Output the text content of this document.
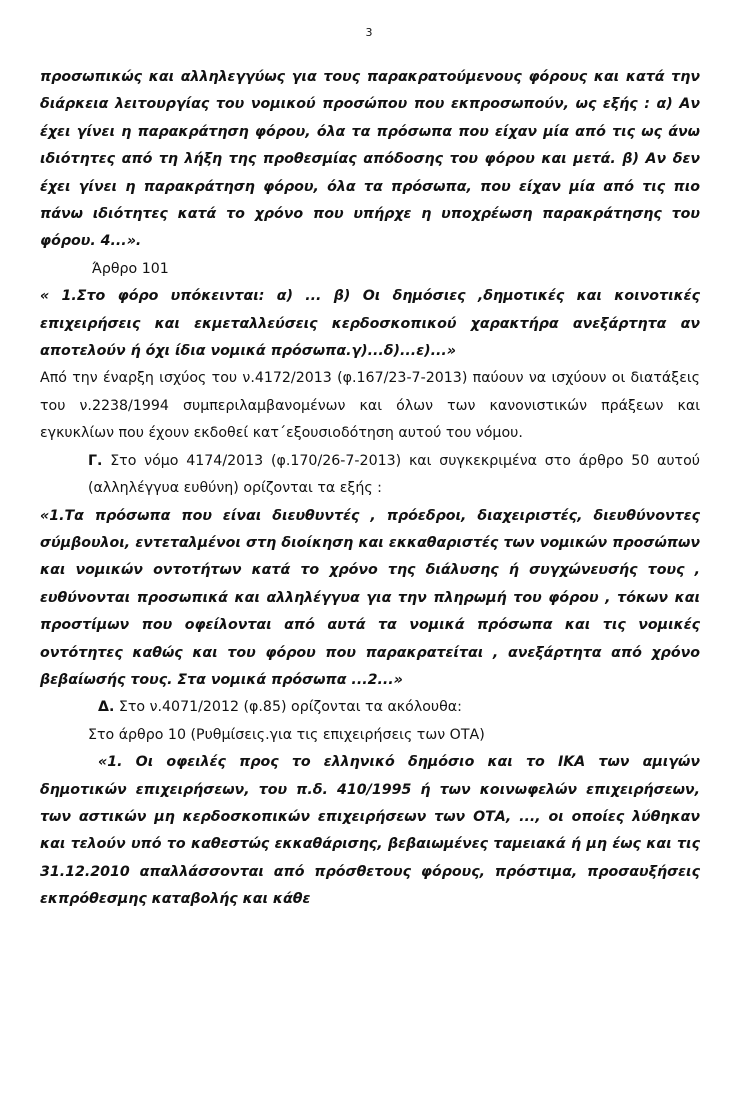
3

προσωπικώς και αλληλεγγύως για τους παρακρατούμενους φόρους και κατά την διάρκεια λειτουργίας του νομικού προσώπου που εκπροσωπούν, ως εξής : α) Αν έχει γίνει η παρακράτηση φόρου, όλα τα πρόσωπα που είχαν μία από τις ως άνω ιδιότητες από τη λήξη της προθεσμίας απόδοσης του φόρου και μετά. β) Αν δεν έχει γίνει η παρακράτηση φόρου, όλα τα πρόσωπα, που είχαν μία από τις πιο πάνω ιδιότητες κατά το χρόνο που υπήρχε η υποχρέωση παρακράτησης του φόρου. 4...».

Άρθρο 101

« 1.Στο φόρο υπόκεινται: α) ... β) Οι δημόσιες ,δημοτικές και κοινοτικές επιχειρήσεις και εκμεταλλεύσεις κερδοσκοπικού χαρακτήρα ανεξάρτητα αν αποτελούν ή όχι ίδια νομικά πρόσωπα.γ)...δ)...ε)...»

Από την έναρξη ισχύος του ν.4172/2013 (φ.167/23-7-2013) παύουν να ισχύουν οι διατάξεις του ν.2238/1994 συμπεριλαμβανομένων και όλων των κανονιστικών πράξεων και εγκυκλίων που έχουν εκδοθεί κατ΄εξουσιοδότηση αυτού του νόμου.

Γ. Στο νόμο 4174/2013 (φ.170/26-7-2013) και συγκεκριμένα στο άρθρο 50 αυτού (αλληλέγγυα ευθύνη) ορίζονται τα εξής :

«1.Τα πρόσωπα που είναι διευθυντές , πρόεδροι, διαχειριστές, διευθύνοντες σύμβουλοι, εντεταλμένοι στη διοίκηση και εκκαθαριστές των νομικών προσώπων και νομικών οντοτήτων κατά το χρόνο της διάλυσης ή συγχώνευσής τους , ευθύνονται προσωπικά και αλληλέγγυα για την πληρωμή του φόρου , τόκων και προστίμων που οφείλονται από αυτά τα νομικά πρόσωπα και τις νομικές οντότητες καθώς και του φόρου που παρακρατείται , ανεξάρτητα από χρόνο βεβαίωσής τους. Στα νομικά πρόσωπα ...2...»

Δ. Στο ν.4071/2012 (φ.85) ορίζονται τα ακόλουθα:

Στο άρθρο 10 (Ρυθμίσεις.για τις επιχειρήσεις των ΟΤΑ)

«1. Οι οφειλές προς το ελληνικό δημόσιο και το ΙΚΑ των αμιγών δημοτικών επιχειρήσεων, του π.δ. 410/1995 ή των κοινωφελών επιχειρήσεων, των αστικών μη κερδοσκοπικών επιχειρήσεων των ΟΤΑ, ..., οι οποίες λύθηκαν και τελούν υπό το καθεστώς εκκαθάρισης, βεβαιωμένες ταμειακά ή μη έως και τις 31.12.2010 απαλλάσσονται από πρόσθετους φόρους, πρόστιμα, προσαυξήσεις εκπρόθεσμης καταβολής και κάθε
